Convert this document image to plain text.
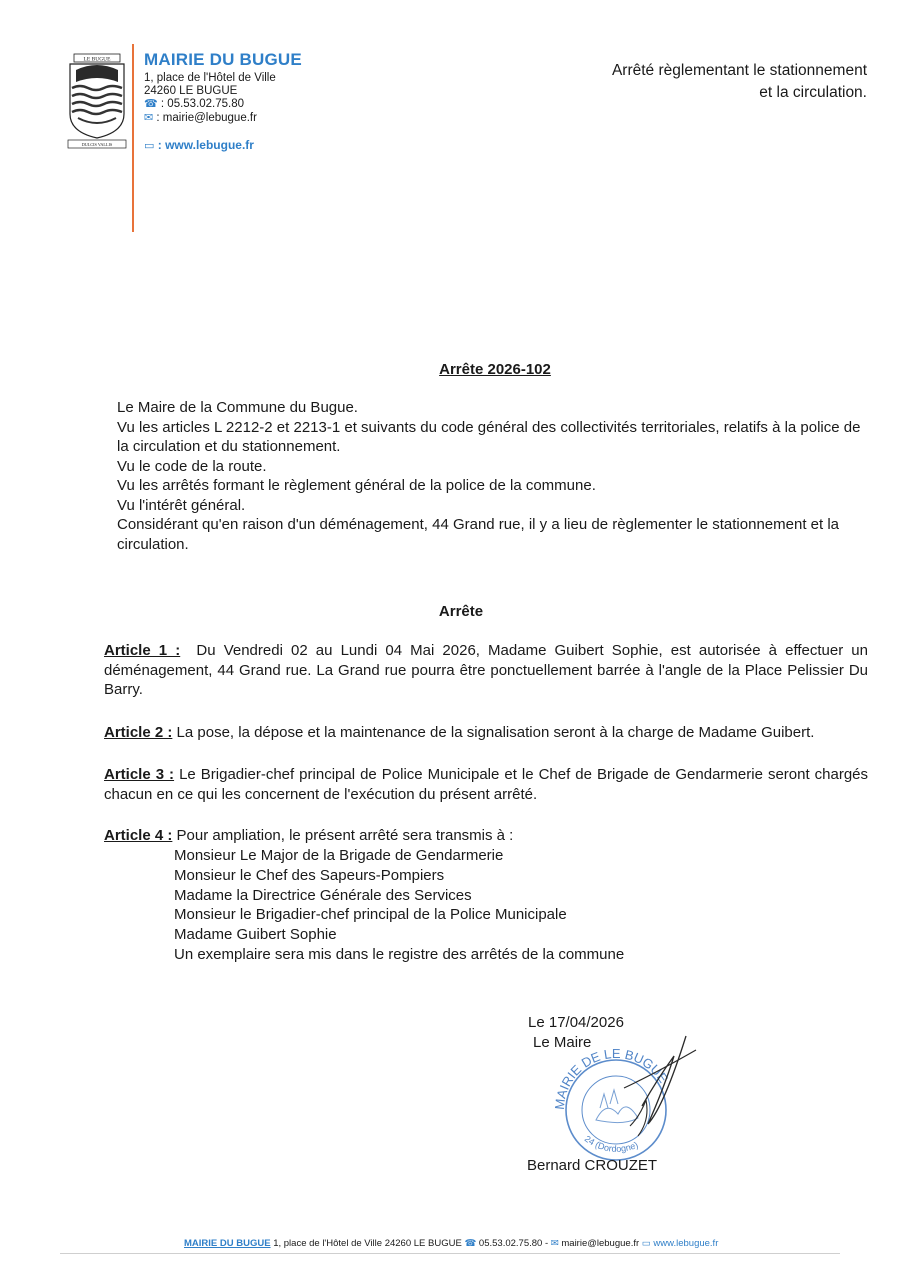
LE BUGUE
DULCIS VALLIS
MAIRIE DU BUGUE
1, place de l'Hôtel de Ville
24260 LE BUGUE
☎ : 05.53.02.75.80
✉ : mairie@lebugue.fr
▭ : www.lebugue.fr
Arrêté règlementant le stationnement
et la circulation.
Arrête 2026-102

Le Maire de la Commune du Bugue.

Vu les articles L 2212-2 et 2213-1 et suivants du code général des collectivités territoriales, relatifs à la police de la circulation et du stationnement.

Vu le code de la route.

Vu les arrêtés formant le règlement général de la police de la commune.

Vu l'intérêt général.

Considérant qu'en raison d'un déménagement, 44 Grand rue, il y a lieu de règlementer le stationnement et la circulation.

Arrête
Article 1 : Du Vendredi 02 au Lundi 04 Mai 2026, Madame Guibert Sophie, est autorisée à effectuer un déménagement, 44 Grand rue. La Grand rue pourra être ponctuellement barrée à l'angle de la Place Pelissier Du Barry.
Article 2 : La pose, la dépose et la maintenance de la signalisation seront à la charge de Madame Guibert.
Article 3 : Le Brigadier-chef principal de Police Municipale et le Chef de Brigade de Gendarmerie seront chargés chacun en ce qui les concernent de l'exécution du présent arrêté.
Article 4 : Pour ampliation, le présent arrêté sera transmis à :
Monsieur Le Major de la Brigade de Gendarmerie
Monsieur le Chef des Sapeurs-Pompiers
Madame la Directrice Générale des Services
Monsieur le Brigadier-chef principal de la Police Municipale
Madame Guibert Sophie
Un exemplaire sera mis dans le registre des arrêtés de la commune
Le 17/04/2026
Le Maire
MAIRIE DE LE BUGUE
24 (Dordogne)
Bernard CROUZET
MAIRIE DU BUGUE 1, place de l'Hôtel de Ville 24260 LE BUGUE ☎ 05.53.02.75.80 - ✉ mairie@lebugue.fr ▭ www.lebugue.fr
